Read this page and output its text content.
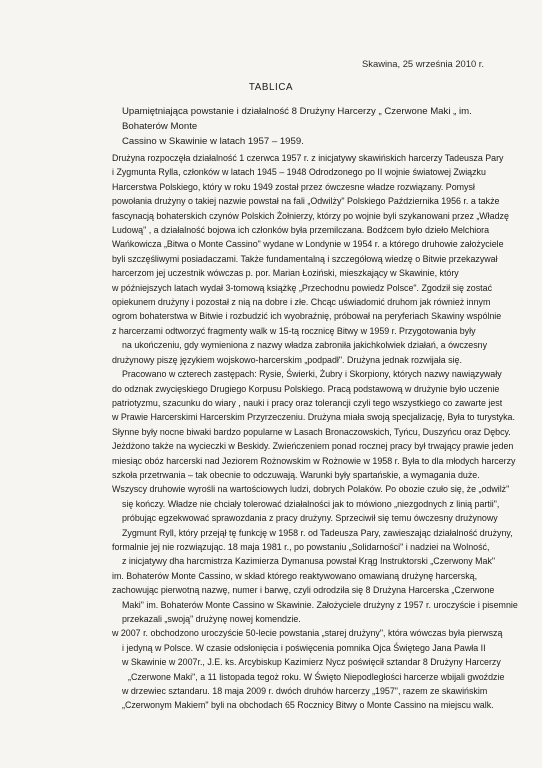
Skawina, 25 września 2010 r.
TABLICA
Upamiętniająca powstanie i działalność 8 Drużyny Harcerzy „ Czerwone Maki „ im. Bohaterów Monte
Cassino w Skawinie w latach 1957 – 1959.
Drużyna rozpoczęła działalność 1 czerwca 1957 r. z inicjatywy skawińskich harcerzy Tadeusza Pary
i Zygmunta Rylla, członków w latach 1945 – 1948 Odrodzonego po II wojnie światowej Związku
Harcerstwa Polskiego, który w roku 1949 został przez ówczesne władze rozwiązany. Pomysł
powołania drużyny o takiej nazwie powstał na fali „Odwilży" Polskiego Października 1956 r. a także
fascynacją bohaterskich czynów Polskich Żołnierzy, którzy po wojnie byli szykanowani przez „Władzę
Ludową" , a działalność bojowa ich członków była przemilczana. Bodźcem było dzieło Melchiora
Wańkowicza „Bitwa o Monte Cassino" wydane w Londynie w 1954 r. a którego druhowie założyciele
byli szczęśliwymi posiadaczami. Także fundamentalną i szczegółową wiedzę o Bitwie przekazywał
harcerzom jej uczestnik wówczas p. por. Marian Łoziński, mieszkający w Skawinie, który
w późniejszych latach wydał 3-tomową książkę „Przechodnu powiedz Polsce". Zgodził się zostać
opiekunem drużyny i pozostał z nią na dobre i złe. Chcąc uświadomić druhom jak również innym
ogrom bohaterstwa w Bitwie i rozbudzić ich wyobraźnię, próbował na peryferiach Skawiny wspólnie
z harcerzami odtworzyć fragmenty walk w 15-tą rocznicę Bitwy w 1959 r. Przygotowania były
na ukończeniu, gdy wymieniona z nazwy władza zabroniła jakichkolwiek działań, a ówczesny
drużynowy piszę językiem wojskowo-harcerskim „podpadł". Drużyna jednak rozwijała się.
Pracowano w czterech zastępach: Rysie, Świerki, Żubry i Skorpiony, których nazwy nawiązywały
do odznak zwycięskiego Drugiego Korpusu Polskiego. Pracą podstawową w drużynie było uczenie
patriotyzmu, szacunku do wiary , nauki i pracy oraz tolerancji czyli tego wszystkiego co zawarte jest
w Prawie Harcerskimi Harcerskim Przyrzeczeniu. Drużyna miała swoją specjalizację, Była to turystyka.
Słynne były nocne biwaki bardzo popularne w Lasach Bronaczowskich, Tyńcu, Duszyńcu oraz Dębcy.
Jeżdżono także na wycieczki w Beskidy. Zwieńczeniem ponad rocznej pracy był trwający prawie jeden
miesiąc obóz harcerski nad Jeziorem Rożnowskim w Rożnowie w 1958 r. Była to dla młodych harcerzy
szkoła przetrwania – tak obecnie to odczuwają. Warunki były spartańskie, a wymagania duże.
Wszyscy druhowie wyrośli na wartościowych ludzi, dobrych Polaków. Po obozie czuło się, że „odwilż"
się kończy. Władze nie chciały tolerować działalności jak to mówiono „niezgodnych z linią partii",
próbując egzekwować sprawozdania z pracy drużyny. Sprzeciwił się temu ówczesny drużynowy
Zygmunt Ryll, który przejął tę funkcję w 1958 r. od Tadeusza Pary, zawieszając działalność drużyny,
formalnie jej nie rozwiązując. 18 maja 1981 r., po powstaniu „Solidarności" i nadziei na Wolność,
z inicjatywy dha harcmistrza Kazimierza Dymanusa powstał Krąg Instruktorski „Czerwony Mak"
im. Bohaterów Monte Cassino, w skład którego reaktywowano omawianą drużynę harcerską,
zachowując pierwotną nazwę, numer i barwę, czyli odrodziła się 8 Drużyna Harcerska „Czerwone
Maki" im. Bohaterów Monte Cassino w Skawinie. Założyciele drużyny z 1957 r. uroczyście i pisemnie
przekazali „swoją" drużynę nowej komendzie.
w 2007 r. obchodzono uroczyście 50-lecie powstania „starej drużyny", która wówczas była pierwszą
i jedyną w Polsce. W czasie odsłonięcia i poświęcenia pomnika Ojca Świętego Jana Pawła II
w Skawinie w 2007r., J.E. ks. Arcybiskup Kazimierz Nycz poświęcił sztandar 8 Drużyny Harcerzy
„Czerwone Maki", a 11 listopada tegoż roku. W Święto Niepodległości harcerze wbijali gwoździe
w drzewiec sztandaru. 18 maja 2009 r. dwóch druhów harcerzy „1957", razem ze skawińskim
„Czerwonym Makiem" byli na obchodach 65 Rocznicy Bitwy o Monte Cassino na miejscu walk.
